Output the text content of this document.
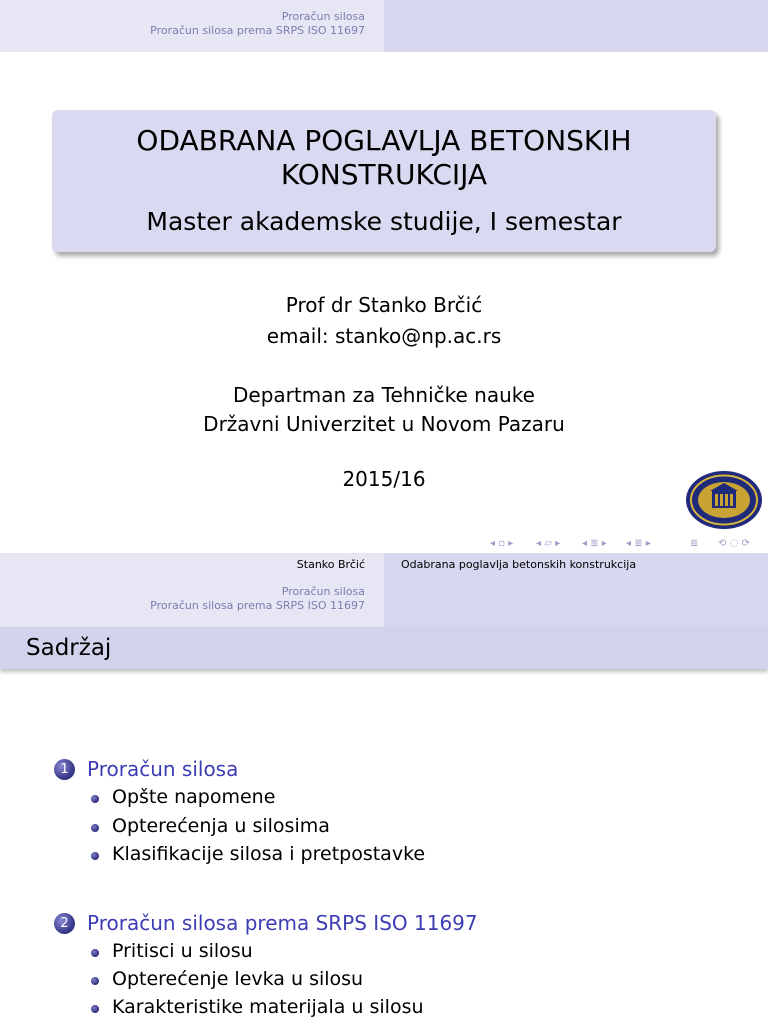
Proračun silosa
Proračun silosa prema SRPS ISO 11697
ODABRANA POGLAVLJA BETONSKIH
KONSTRUKCIJA
Master akademske studije, I semestar
Prof dr Stanko Brčić
email: stanko@np.ac.rs
Departman za Tehničke nauke
Državni Univerzitet u Novom Pazaru
2015/16
◂ ▫ ▸ ◂ ▱ ▸ ◂ ≣ ▸ ◂ ≣ ▸	≣ ⟲ ◌ ⟳
Stanko Brčić	Odabrana poglavlja betonskih konstrukcija
Proračun silosa
Proračun silosa prema SRPS ISO 11697
Sadržaj
1 Proračun silosa
Opšte napomene
Opterećenja u silosima
Klasifikacije silosa i pretpostavke
2 Proračun silosa prema SRPS ISO 11697
Pritisci u silosu
Opterećenje levka u silosu
Karakteristike materijala u silosu
